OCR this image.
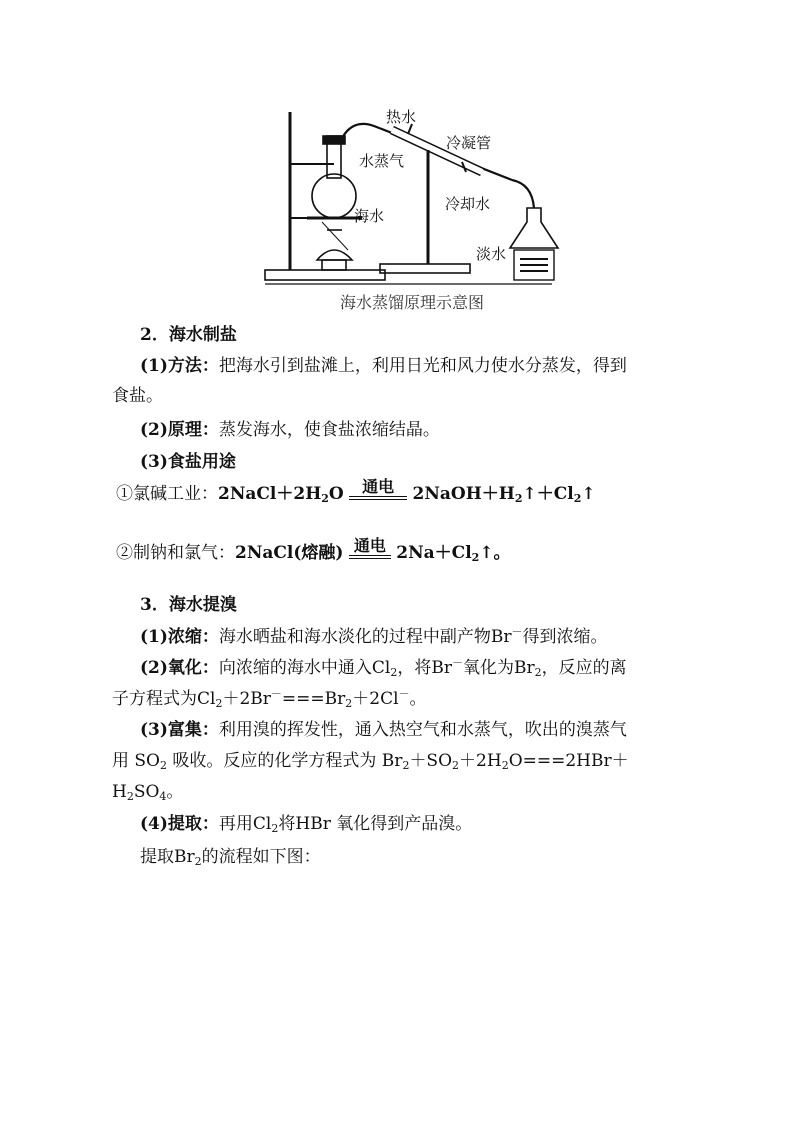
热水
冷凝管
水蒸气
海水
冷却水
淡水
海水蒸馏原理示意图
2．海水制盐
(1)方法：把海水引到盐滩上，利用日光和风力使水分蒸发，得到
食盐。
(2)原理：蒸发海水，使食盐浓缩结晶。
(3)食盐用途
①氯碱工业：$2NaCl+2H_2O$	通电	$2NaOH+H_2↑+Cl_2↑$
②制钠和氯气：2NaCl(熔融) 通电 $2Na+Cl_2↑$。
3．海水提溴
(1)浓缩：海水晒盐和海水淡化的过程中副产物Br－得到浓缩。
(2)氧化：向浓缩的海水中通入$Cl_2$，将Br－氧化为$Br_2$，反应的离
子方程式为$Cl_2+2Br^-===Br_2+2Cl^-$。
(3)富集：利用溴的挥发性，通入热空气和水蒸气，吹出的溴蒸气
用 $SO_2$ 吸收。反应的化学方程式为 $Br_2+SO_2+2H_2O===2HBr+$
$H_2SO_4$。
(4)提取：再用$Cl_2$将HBr 氧化得到产品溴。
提取$Br_2$的流程如下图：
